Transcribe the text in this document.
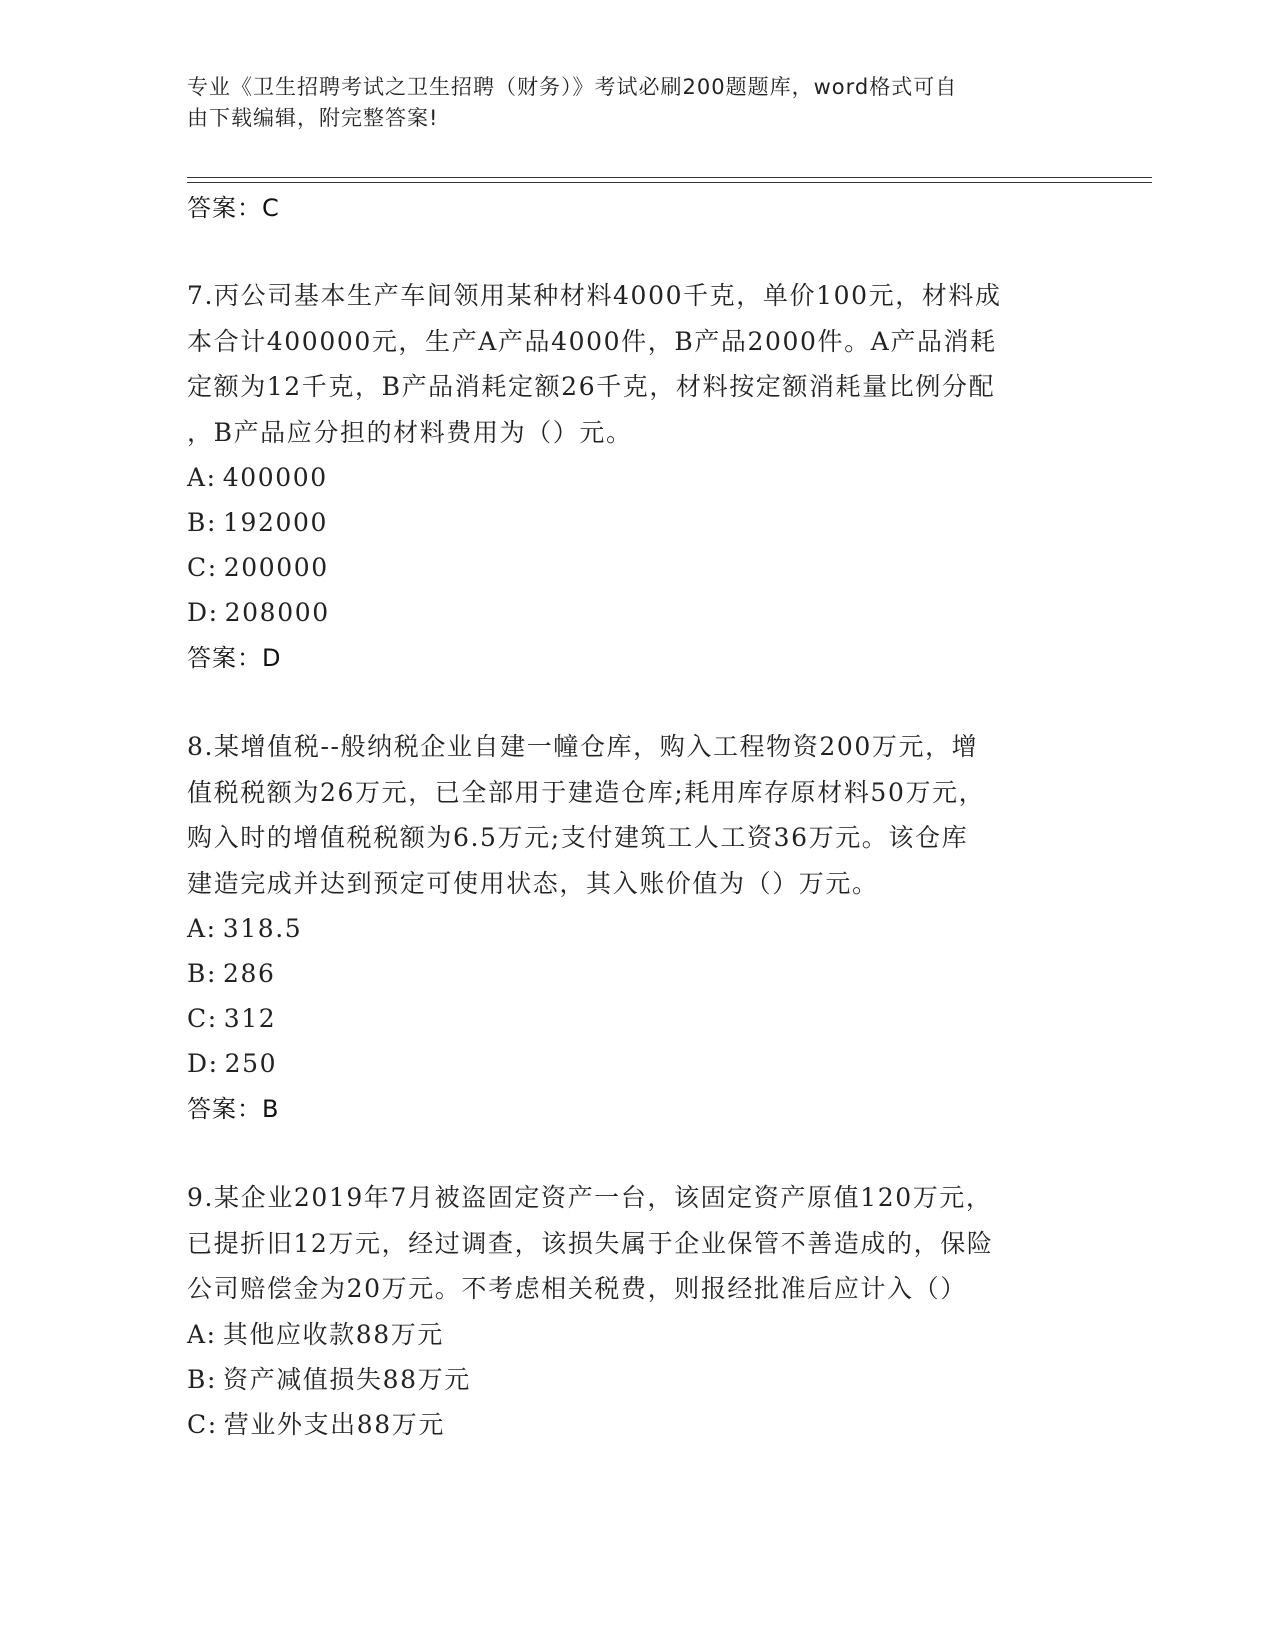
专业《卫生招聘考试之卫生招聘（财务）》考试必刷200题题库，word格式可自
由下载编辑，附完整答案!
答案：C
7.丙公司基本生产车间领用某种材料4000千克，单价100元，材料成
本合计400000元，生产A产品4000件，B产品2000件。A产品消耗
定额为12千克，B产品消耗定额26千克，材料按定额消耗量比例分配
，B产品应分担的材料费用为（）元。
A: 400000
B: 192000
C: 200000
D: 208000
答案：D
8.某增值税--般纳税企业自建一幢仓库，购入工程物资200万元，增
值税税额为26万元，已全部用于建造仓库;耗用库存原材料50万元，
购入时的增值税税额为6.5万元;支付建筑工人工资36万元。该仓库
建造完成并达到预定可使用状态，其入账价值为（）万元。
A: 318.5
B: 286
C: 312
D: 250
答案：B
9.某企业2019年7月被盗固定资产一台，该固定资产原值120万元，
已提折旧12万元，经过调查，该损失属于企业保管不善造成的，保险
公司赔偿金为20万元。不考虑相关税费，则报经批准后应计入（）
A: 其他应收款88万元
B: 资产减值损失88万元
C: 营业外支出88万元
